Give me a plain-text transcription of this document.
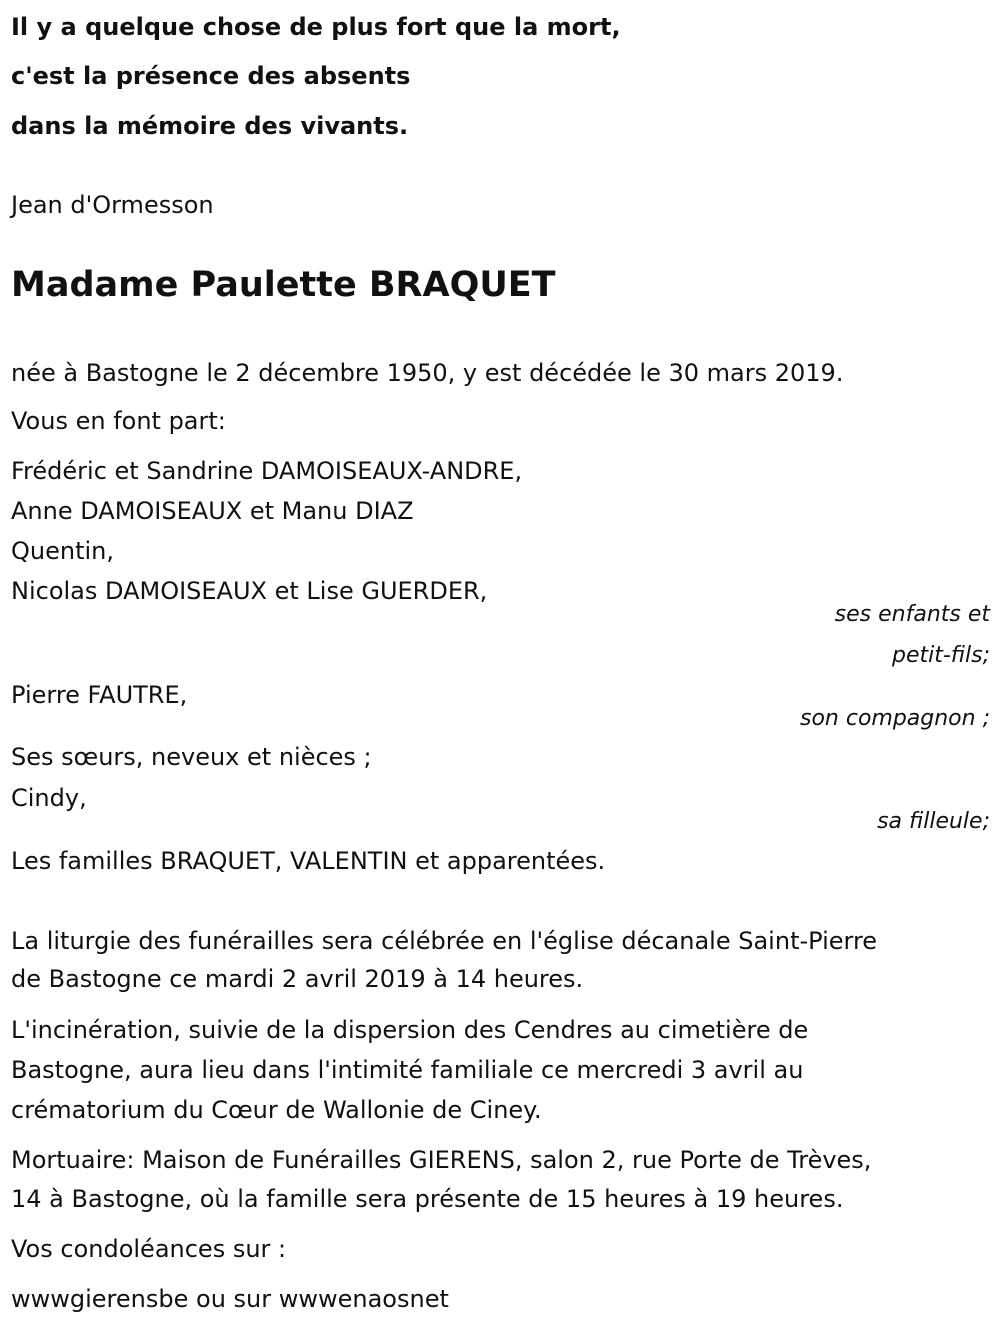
Il y a quelque chose de plus fort que la mort,

c'est la présence des absents

dans la mémoire des vivants.

Jean d'Ormesson

Madame Paulette BRAQUET

née à Bastogne le 2 décembre 1950, y est décédée le 30 mars 2019.

Vous en font part:

Frédéric et Sandrine DAMOISEAUX-ANDRE,

Anne DAMOISEAUX et Manu DIAZ

Quentin,

Nicolas DAMOISEAUX et Lise GUERDER,

ses enfants et

petit-fils;

Pierre FAUTRE,

son compagnon ;

Ses sœurs, neveux et nièces ;

Cindy,

sa filleule;

Les familles BRAQUET, VALENTIN et apparentées.

La liturgie des funérailles sera célébrée en l'église décanale Saint-Pierre

de Bastogne ce mardi 2 avril 2019 à 14 heures.

L'incinération, suivie de la dispersion des Cendres au cimetière de

Bastogne, aura lieu dans l'intimité familiale ce mercredi 3 avril au

crématorium du Cœur de Wallonie de Ciney.

Mortuaire: Maison de Funérailles GIERENS, salon 2, rue Porte de Trèves,

14 à Bastogne, où la famille sera présente de 15 heures à 19 heures.

Vos condoléances sur :

wwwgierensbe ou sur wwwenaosnet
